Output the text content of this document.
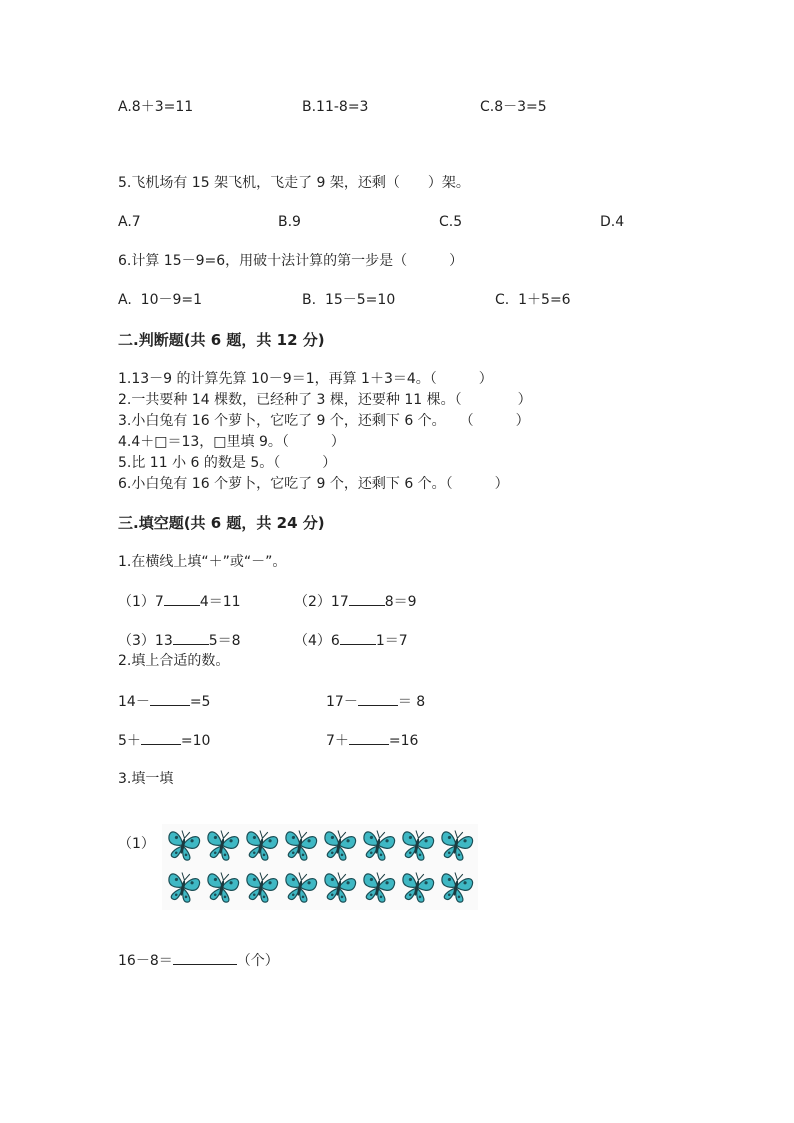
A.8＋3=11	B.11-8=3	C.8－3=5
5.飞机场有 15 架飞机，飞走了 9 架，还剩（　　）架。
A.7	B.9	C.5	D.4
6.计算 15－9=6，用破十法计算的第一步是（　　　）
A.  10－9=1	B.  15－5=10	C.  1＋5=6
二.判断题(共 6 题，共 12 分)
1.13－9 的计算先算 10－9＝1，再算 1＋3＝4。（　　　）
2.一共要种 14 棵数，已经种了 3 棵，还要种 11 棵。（　　　　）
3.小白兔有 16 个萝卜，它吃了 9 个，还剩下 6 个。　　（　　　）
4.4＋□＝13，□里填 9。（　　　）
5.比 11 小 6 的数是 5。（　　　）
6.小白兔有 16 个萝卜，它吃了 9 个，还剩下 6 个。（　　　）
三.填空题(共 6 题，共 24 分)
1.在横线上填“＋”或“－”。
（1）7	4＝11	（2）17	8＝9
（3）13	5＝8	（4）6	1＝7
2.填上合适的数。
14－	=5	17－	＝ 8
5＋	=10	7＋	=16
3.填一填
（1）
16－8＝	（个）
